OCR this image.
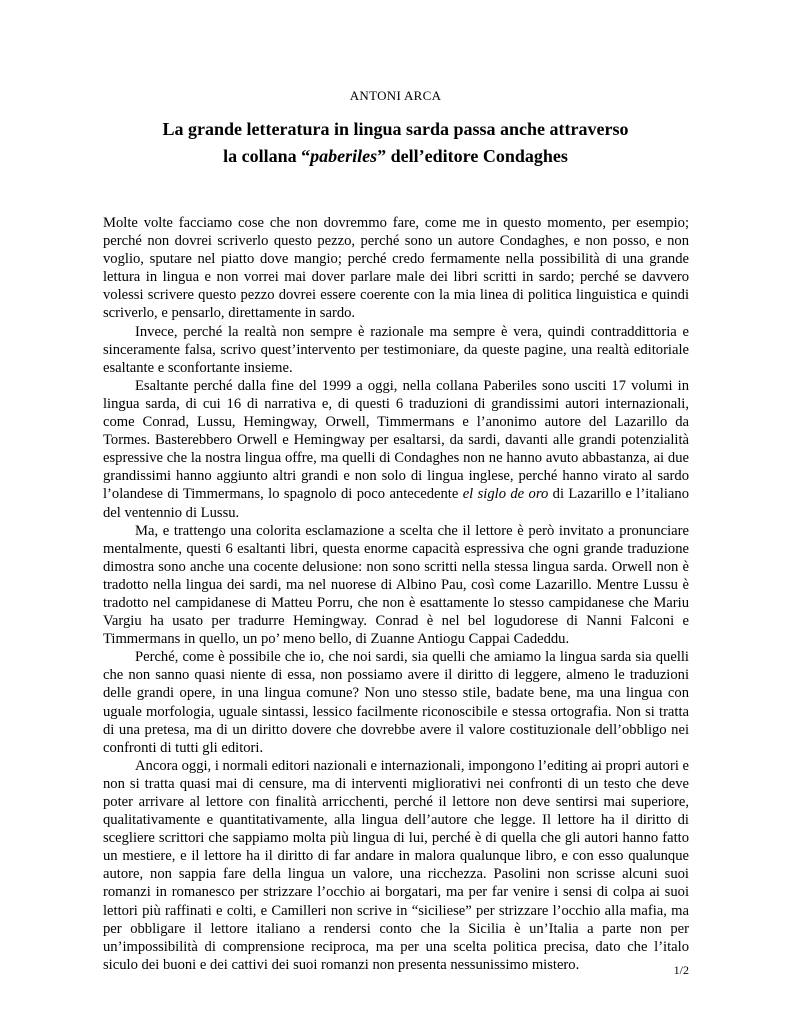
ANTONI ARCA
La grande letteratura in lingua sarda passa anche attraverso
la collana “paberiles” dell’editore Condaghes

Molte volte facciamo cose che non dovremmo fare, come me in questo momento, per esempio; perché non dovrei scriverlo questo pezzo, perché sono un autore Condaghes, e non posso, e non voglio, sputare nel piatto dove mangio; perché credo fermamente nella possibilità di una grande lettura in lingua e non vorrei mai dover parlare male dei libri scritti in sardo; perché se davvero volessi scrivere questo pezzo dovrei essere coerente con la mia linea di politica linguistica e quindi scriverlo, e pensarlo, direttamente in sardo.

Invece, perché la realtà non sempre è razionale ma sempre è vera, quindi contraddittoria e sinceramente falsa, scrivo quest’intervento per testimoniare, da queste pagine, una realtà editoriale esaltante e sconfortante insieme.

Esaltante perché dalla fine del 1999 a oggi, nella collana Paberiles sono usciti 17 volumi in lingua sarda, di cui 16 di narrativa e, di questi 6 traduzioni di grandissimi autori internazionali, come Conrad, Lussu, Hemingway, Orwell, Timmermans e l’anonimo autore del Lazarillo da Tormes. Basterebbero Orwell e Hemingway per esaltarsi, da sardi, davanti alle grandi potenzialità espressive che la nostra lingua offre, ma quelli di Condaghes non ne hanno avuto abbastanza, ai due grandissimi hanno aggiunto altri grandi e non solo di lingua inglese, perché hanno virato al sardo l’olandese di Timmermans, lo spagnolo di poco antecedente el siglo de oro di Lazarillo e l’italiano del ventennio di Lussu.

Ma, e trattengo una colorita esclamazione a scelta che il lettore è però invitato a pronunciare mentalmente, questi 6 esaltanti libri, questa enorme capacità espressiva che ogni grande traduzione dimostra sono anche una cocente delusione: non sono scritti nella stessa lingua sarda. Orwell non è tradotto nella lingua dei sardi, ma nel nuorese di Albino Pau, così come Lazarillo. Mentre Lussu è tradotto nel campidanese di Matteu Porru, che non è esattamente lo stesso campidanese che Mariu Vargiu ha usato per tradurre Hemingway. Conrad è nel bel logudorese di Nanni Falconi e Timmermans in quello, un po’ meno bello, di Zuanne Antiogu Cappai Cadeddu.

Perché, come è possibile che io, che noi sardi, sia quelli che amiamo la lingua sarda sia quelli che non sanno quasi niente di essa, non possiamo avere il diritto di leggere, almeno le traduzioni delle grandi opere, in una lingua comune? Non uno stesso stile, badate bene, ma una lingua con uguale morfologia, uguale sintassi, lessico facilmente riconoscibile e stessa ortografia. Non si tratta di una pretesa, ma di un diritto dovere che dovrebbe avere il valore costituzionale dell’obbligo nei confronti di tutti gli editori.

Ancora oggi, i normali editori nazionali e internazionali, impongono l’editing ai propri autori e non si tratta quasi mai di censure, ma di interventi migliorativi nei confronti di un testo che deve poter arrivare al lettore con finalità arricchenti, perché il lettore non deve sentirsi mai superiore, qualitativamente e quantitativamente, alla lingua dell’autore che legge. Il lettore ha il diritto di scegliere scrittori che sappiamo molta più lingua di lui, perché è di quella che gli autori hanno fatto un mestiere, e il lettore ha il diritto di far andare in malora qualunque libro, e con esso qualunque autore, non sappia fare della lingua un valore, una ricchezza. Pasolini non scrisse alcuni suoi romanzi in romanesco per strizzare l’occhio ai borgatari, ma per far venire i sensi di colpa ai suoi lettori più raffinati e colti, e Camilleri non scrive in “siciliese” per strizzare l’occhio alla mafia, ma per obbligare il lettore italiano a rendersi conto che la Sicilia è un’Italia a parte non per un’impossibilità di comprensione reciproca, ma per una scelta politica precisa, dato che l’italo siculo dei buoni e dei cattivi dei suoi romanzi non presenta nessunissimo mistero.	1/2
